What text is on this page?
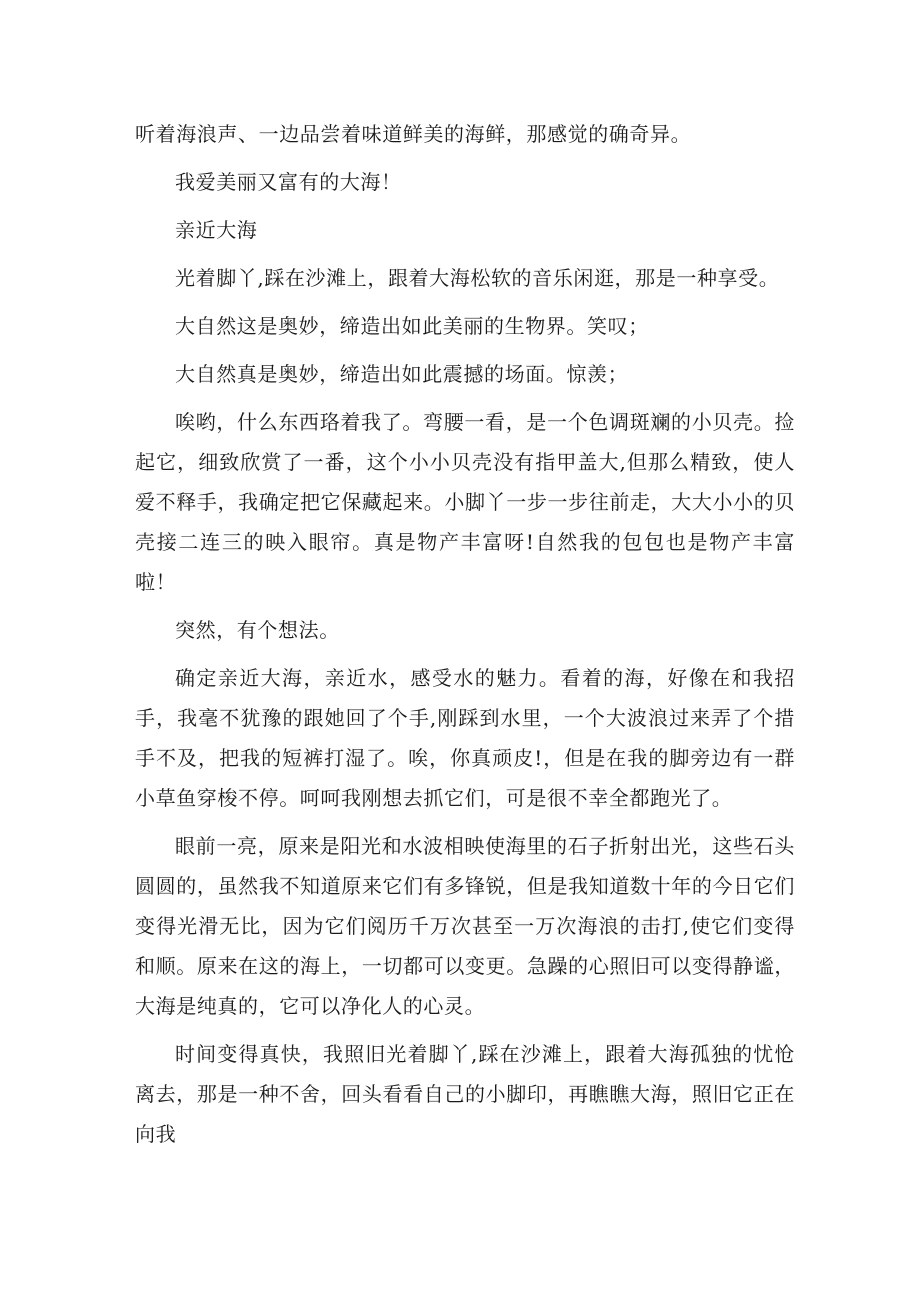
听着海浪声、一边品尝着味道鲜美的海鲜，那感觉的确奇异。

我爱美丽又富有的大海！

亲近大海

光着脚丫,踩在沙滩上，跟着大海松软的音乐闲逛，那是一种享受。

大自然这是奥妙，缔造出如此美丽的生物界。笑叹；

大自然真是奥妙，缔造出如此震撼的场面。惊羡；

唉哟，什么东西珞着我了。弯腰一看，是一个色调斑斓的小贝壳。捡起它，细致欣赏了一番，这个小小贝壳没有指甲盖大,但那么精致，使人爱不释手，我确定把它保藏起来。小脚丫一步一步往前走，大大小小的贝壳接二连三的映入眼帘。真是物产丰富呀!自然我的包包也是物产丰富啦！

突然，有个想法。

确定亲近大海，亲近水，感受水的魅力。看着的海，好像在和我招手，我毫不犹豫的跟她回了个手,刚踩到水里，一个大波浪过来弄了个措手不及，把我的短裤打湿了。唉，你真顽皮!，但是在我的脚旁边有一群小草鱼穿梭不停。呵呵我刚想去抓它们，可是很不幸全都跑光了。

眼前一亮，原来是阳光和水波相映使海里的石子折射出光，这些石头圆圆的，虽然我不知道原来它们有多锋锐，但是我知道数十年的今日它们变得光滑无比，因为它们阅历千万次甚至一万次海浪的击打,使它们变得和顺。原来在这的海上，一切都可以变更。急躁的心照旧可以变得静谧，大海是纯真的，它可以净化人的心灵。

时间变得真快，我照旧光着脚丫,踩在沙滩上，跟着大海孤独的忧怆离去，那是一种不舍，回头看看自己的小脚印，再瞧瞧大海，照旧它正在向我
